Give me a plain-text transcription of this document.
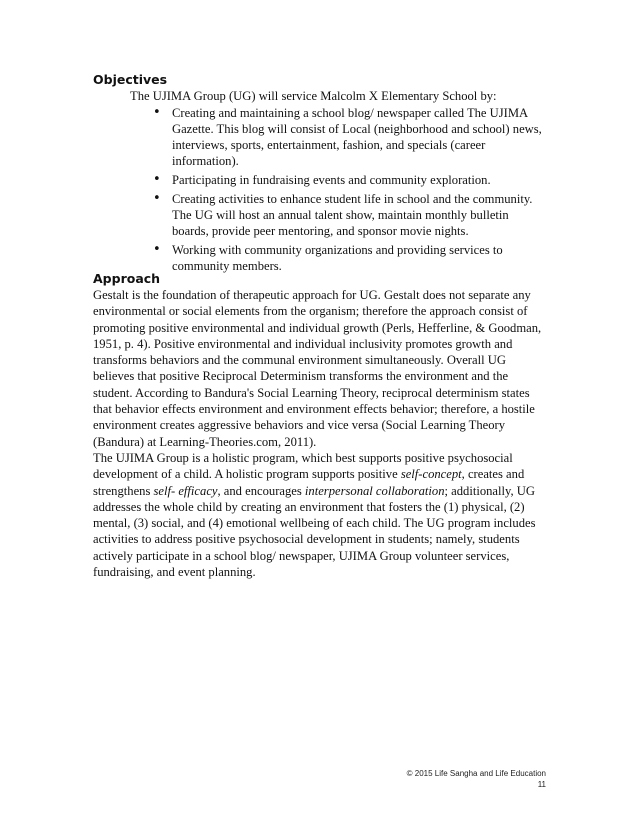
Objectives
The UJIMA Group (UG) will service Malcolm X Elementary School by:
• Creating and maintaining a school blog/ newspaper called The UJIMA
Gazette. This blog will consist of Local (neighborhood and school) news,
interviews, sports, entertainment, fashion, and specials (career
information).
• Participating in fundraising events and community exploration.
• Creating activities to enhance student life in school and the community.
The UG will host an annual talent show, maintain monthly bulletin
boards, provide peer mentoring, and sponsor movie nights.
• Working with community organizations and providing services to
community members.
Approach
Gestalt is the foundation of therapeutic approach for UG. Gestalt does not separate any
environmental or social elements from the organism; therefore the approach consist of
promoting positive environmental and individual growth (Perls, Hefferline, & Goodman,
1951, p. 4). Positive environmental and individual inclusivity promotes growth and
transforms behaviors and the communal environment simultaneously. Overall UG
believes that positive Reciprocal Determinism transforms the environment and the
student. According to Bandura's Social Learning Theory, reciprocal determinism states
that behavior effects environment and environment effects behavior; therefore, a hostile
environment creates aggressive behaviors and vice versa (Social Learning Theory
(Bandura) at Learning-Theories.com, 2011).
The UJIMA Group is a holistic program, which best supports positive psychosocial
development of a child. A holistic program supports positive self-concept, creates and
strengthens self- efficacy, and encourages interpersonal collaboration; additionally, UG
addresses the whole child by creating an environment that fosters the (1) physical, (2)
mental, (3) social, and (4) emotional wellbeing of each child. The UG program includes
activities to address positive psychosocial development in students; namely, students
actively participate in a school blog/ newspaper, UJIMA Group volunteer services,
fundraising, and event planning.
© 2015 Life Sangha and Life Education
11
